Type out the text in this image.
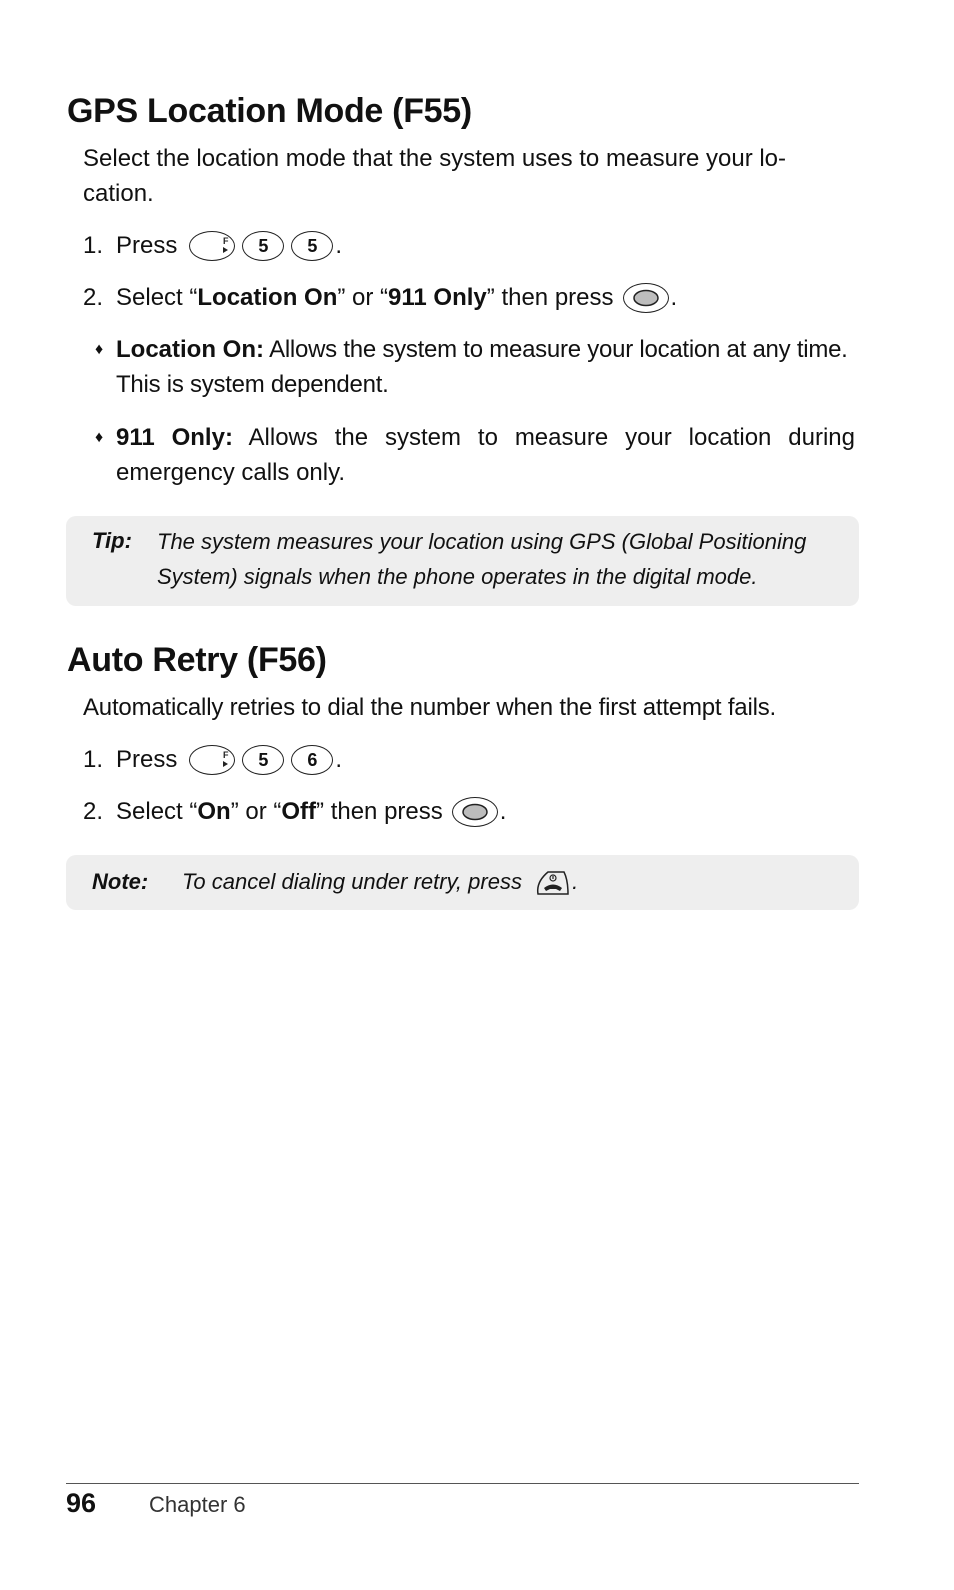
GPS Location Mode (F55)

Select the location mode that the system uses to measure your lo-
cation.

1. Press	F	5	5 .
2. Select “ Location On ” or “ 911 Only ” then press .
♦ Location On: Allows the system to measure your location at any time. This is system dependent.
♦ 911 Only: Allows the system to measure your location during emergency calls only.
Tip: The system measures your location using GPS (Global Positioning
System) signals when the phone operates in the digital mode.
Auto Retry (F56)

Automatically retries to dial the number when the first attempt fails.

1. Press	F	5	6 .
2. Select “ On ” or “ Off ” then press .
Note: To cancel dialing under retry, press .
96 Chapter 6
